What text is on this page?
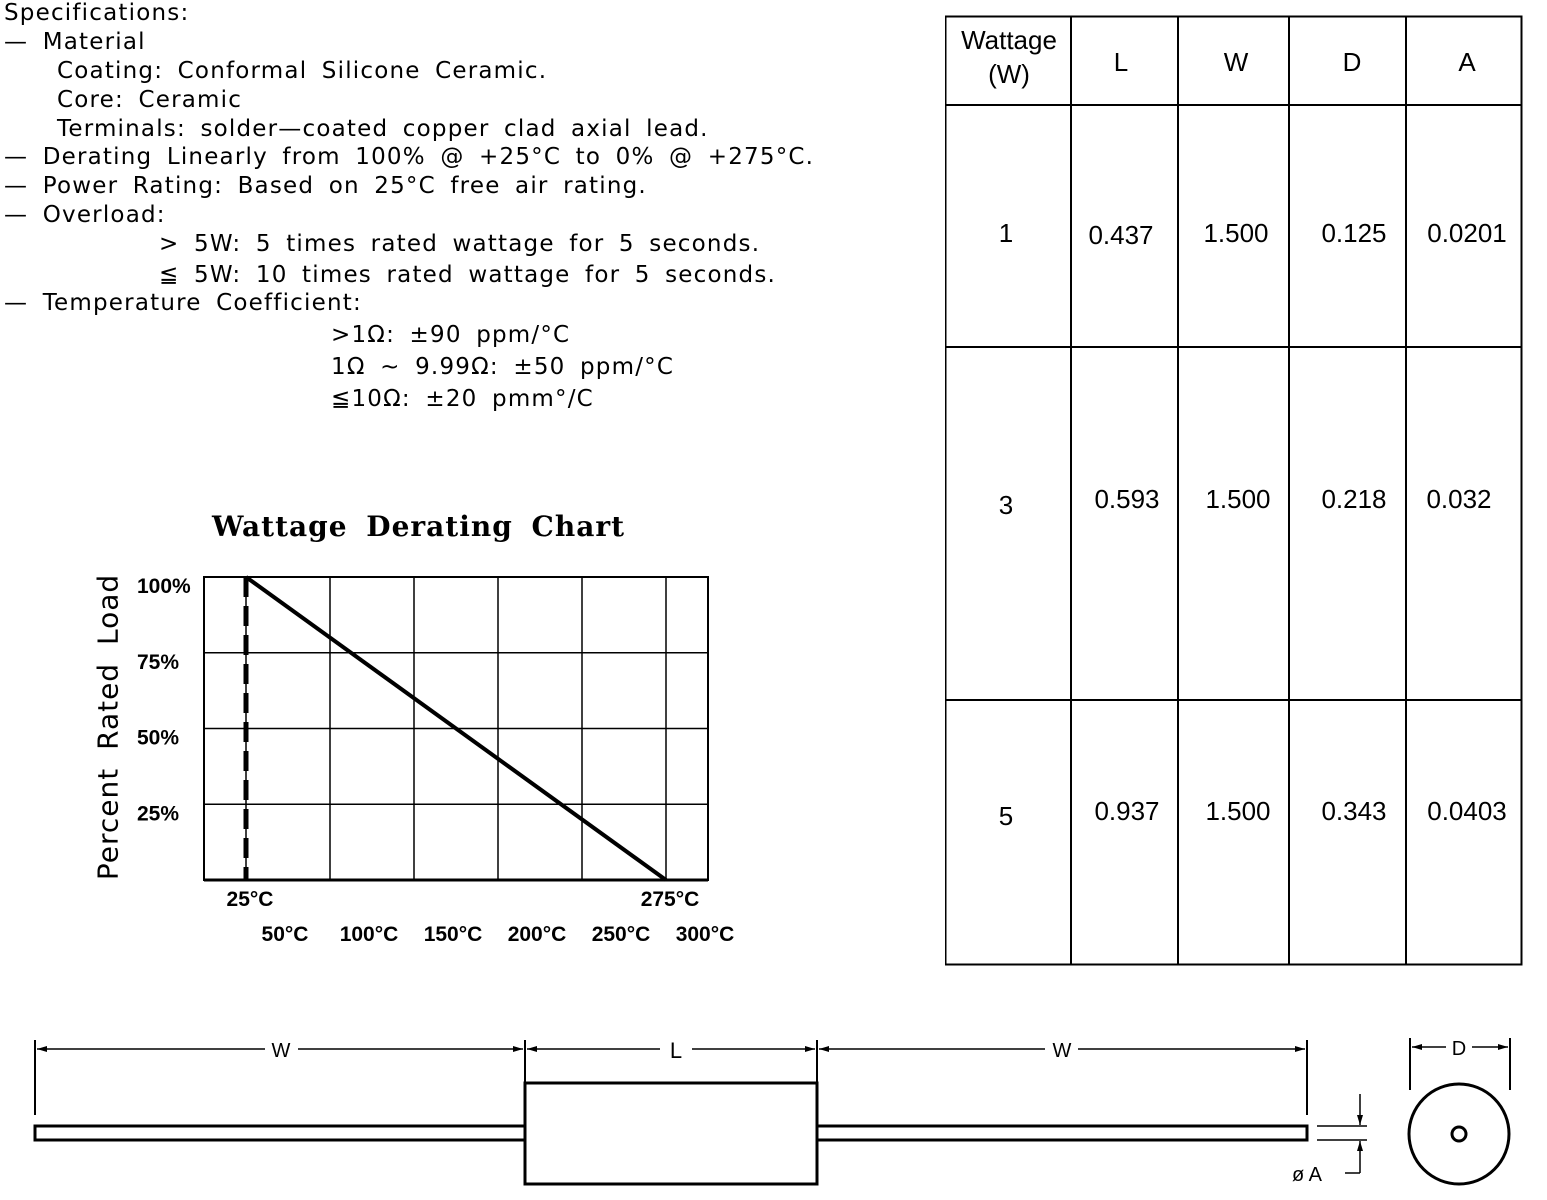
Specifications:
— Material
Coating: Conformal Silicone Ceramic.
Core: Ceramic
Terminals: solder—coated copper clad axial lead.
— Derating Linearly from 100% @ +25°C to 0% @ +275°C.
— Power Rating: Based on 25°C free air rating.
— Overload:
> 5W: 5 times rated wattage for 5 seconds.
≦ 5W: 10 times rated wattage for 5 seconds.
— Temperature Coefficient:
>1Ω: ±90 ppm/°C
1Ω ~ 9.99Ω: ±50 ppm/°C
≦10Ω: ±20 pmm°/C
Wattage Derating Chart
Percent Rated Load 25%
50%
75%
100%
25°C	275°C
50°C 100°C 150°C 200°C 250°C 300°C
Wattage
(W)	L	W	D	A
1	0.437 1.500 0.125 0.0201
3	0.593 1.500 0.218 0.032
5	0.937 1.500 0.343 0.0403
W	L	W
ø A
D
